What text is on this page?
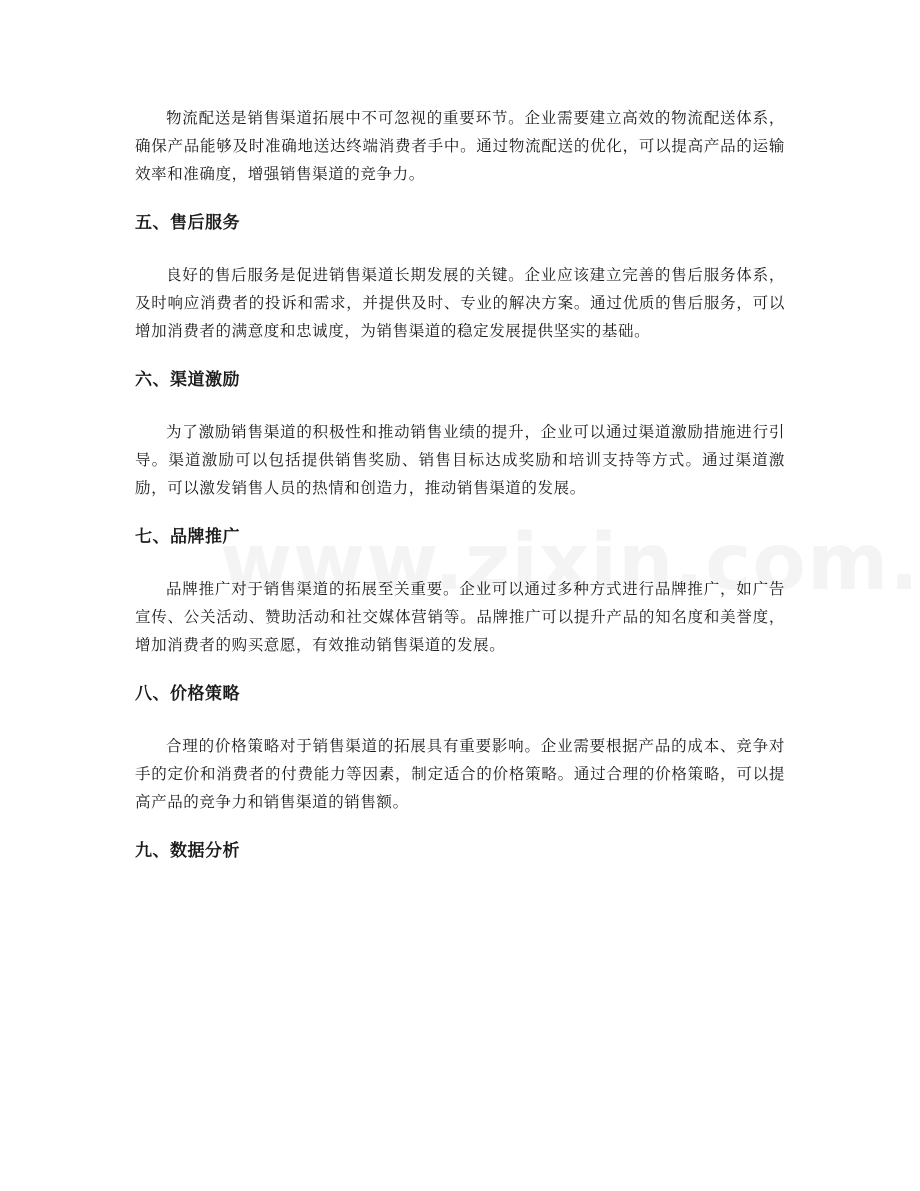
物流配送是销售渠道拓展中不可忽视的重要环节。企业需要建立高效的物流配送体系，确保产品能够及时准确地送达终端消费者手中。通过物流配送的优化，可以提高产品的运输效率和准确度，增强销售渠道的竞争力。

五、售后服务

良好的售后服务是促进销售渠道长期发展的关键。企业应该建立完善的售后服务体系，及时响应消费者的投诉和需求，并提供及时、专业的解决方案。通过优质的售后服务，可以增加消费者的满意度和忠诚度，为销售渠道的稳定发展提供坚实的基础。

六、渠道激励

为了激励销售渠道的积极性和推动销售业绩的提升，企业可以通过渠道激励措施进行引导。渠道激励可以包括提供销售奖励、销售目标达成奖励和培训支持等方式。通过渠道激励，可以激发销售人员的热情和创造力，推动销售渠道的发展。

七、品牌推广

品牌推广对于销售渠道的拓展至关重要。企业可以通过多种方式进行品牌推广，如广告宣传、公关活动、赞助活动和社交媒体营销等。品牌推广可以提升产品的知名度和美誉度，增加消费者的购买意愿，有效推动销售渠道的发展。

八、价格策略

合理的价格策略对于销售渠道的拓展具有重要影响。企业需要根据产品的成本、竞争对手的定价和消费者的付费能力等因素，制定适合的价格策略。通过合理的价格策略，可以提高产品的竞争力和销售渠道的销售额。

九、数据分析
